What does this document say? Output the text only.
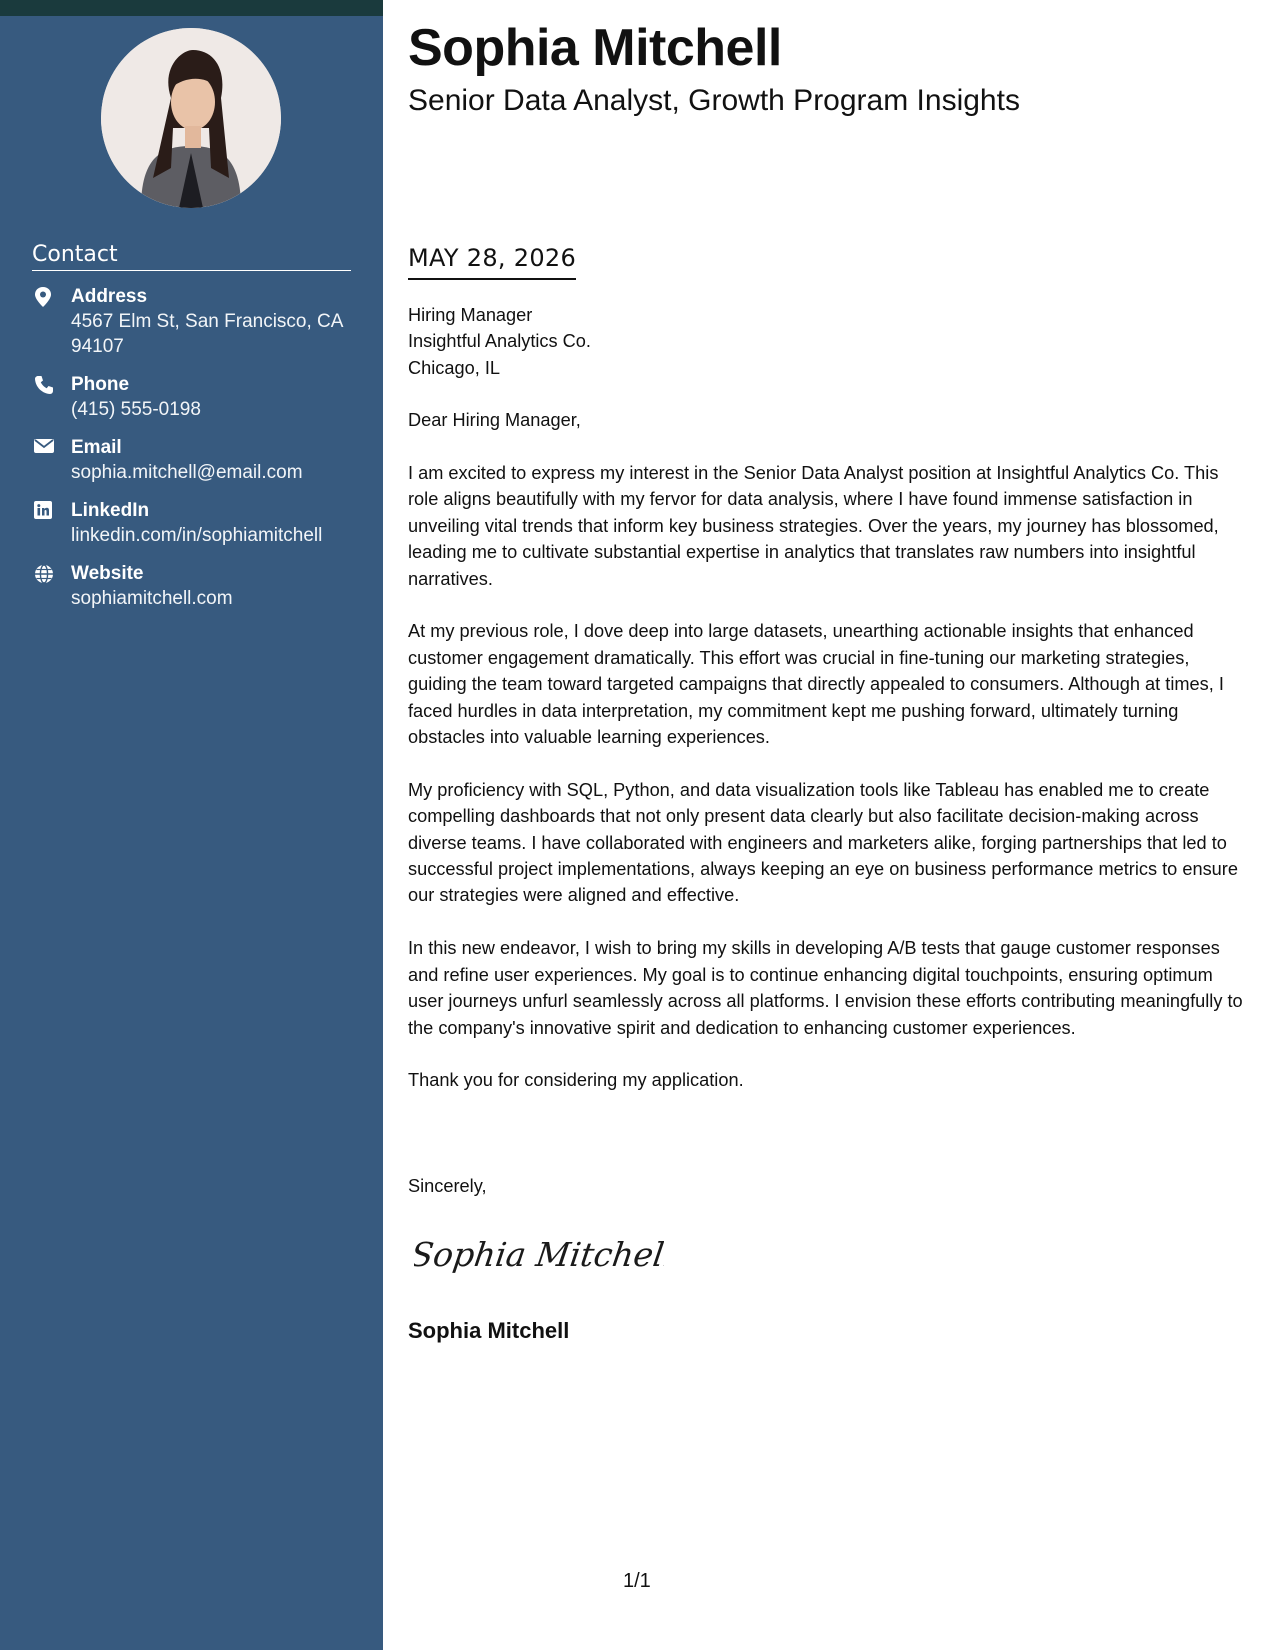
Contact
Address
4567 Elm St, San Francisco, CA 94107
Phone
(415) 555-0198
Email
sophia.mitchell@email.com
LinkedIn
linkedin.com/in/sophiamitchell
Website
sophiamitchell.com
Sophia Mitchell
Senior Data Analyst, Growth Program Insights
MAY 28, 2026
Hiring Manager
Insightful Analytics Co.
Chicago, IL

Dear Hiring Manager,

I am excited to express my interest in the Senior Data Analyst position at Insightful Analytics Co. This role aligns beautifully with my fervor for data analysis, where I have found immense satisfaction in unveiling vital trends that inform key business strategies. Over the years, my journey has blossomed, leading me to cultivate substantial expertise in analytics that translates raw numbers into insightful narratives.

At my previous role, I dove deep into large datasets, unearthing actionable insights that enhanced customer engagement dramatically. This effort was crucial in fine-tuning our marketing strategies, guiding the team toward targeted campaigns that directly appealed to consumers. Although at times, I faced hurdles in data interpretation, my commitment kept me pushing forward, ultimately turning obstacles into valuable learning experiences.

My proficiency with SQL, Python, and data visualization tools like Tableau has enabled me to create compelling dashboards that not only present data clearly but also facilitate decision-making across diverse teams. I have collaborated with engineers and marketers alike, forging partnerships that led to successful project implementations, always keeping an eye on business performance metrics to ensure our strategies were aligned and effective.

In this new endeavor, I wish to bring my skills in developing A/B tests that gauge customer responses and refine user experiences. My goal is to continue enhancing digital touchpoints, ensuring optimum user journeys unfurl seamlessly across all platforms. I envision these efforts contributing meaningfully to the company's innovative spirit and dedication to enhancing customer experiences.

Thank you for considering my application.

Sincerely,
Sophia Mitchell
Sophia Mitchell
1/1
